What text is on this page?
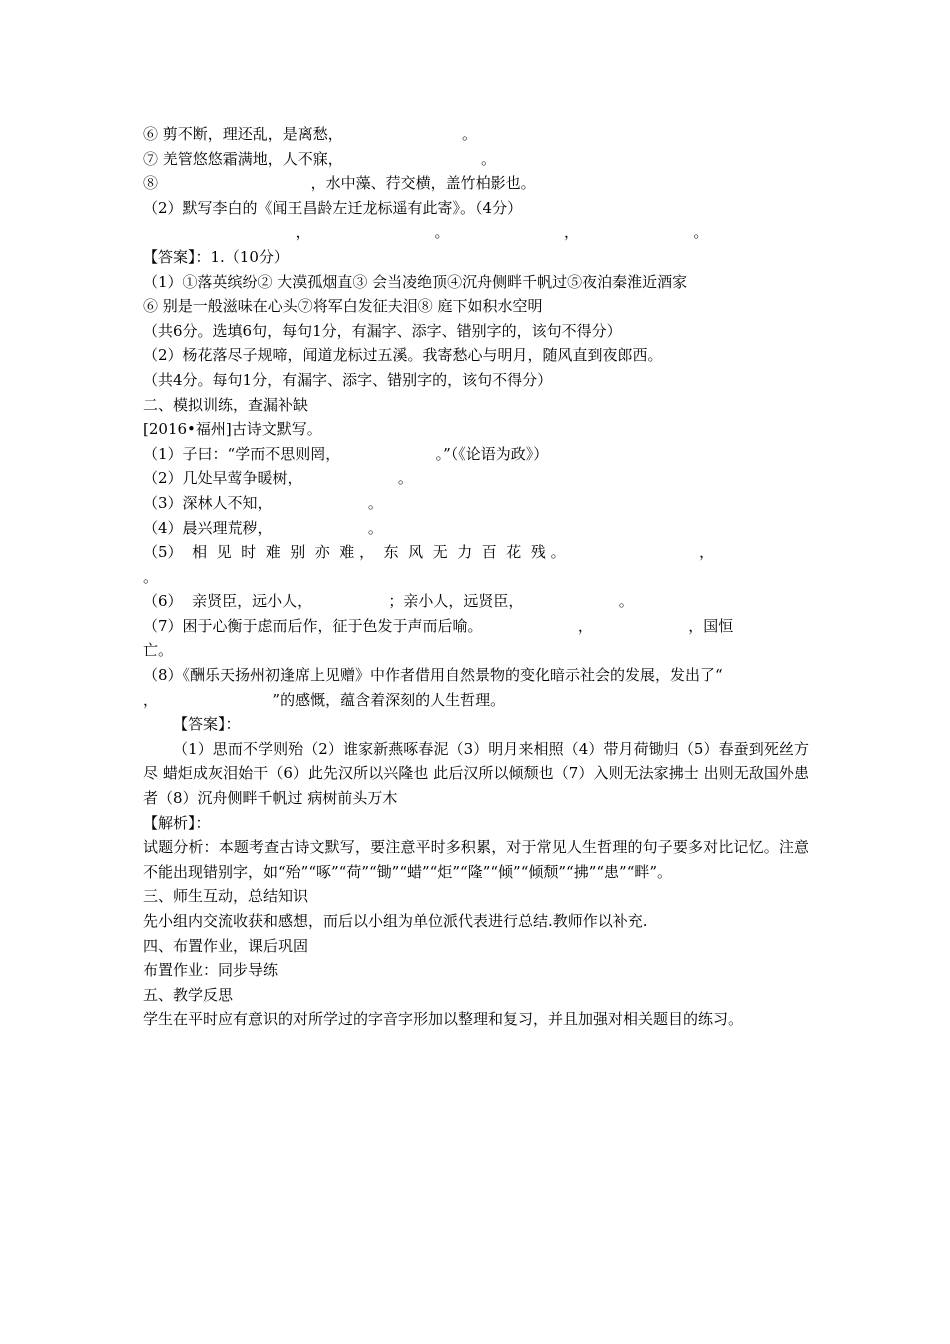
⑥ 剪不断，理还乱，是离愁，                         。
⑦ 羌管悠悠霜满地，人不寐，                             。
⑧                                ，水中藻、荇交横，盖竹柏影也。
（2）默写李白的《闻王昌龄左迁龙标遥有此寄》。（4分）
，                          。                        ，                        。
【答案】：1.（10分）
（1）①落英缤纷② 大漠孤烟直③ 会当凌绝顶④沉舟侧畔千帆过⑤夜泊秦淮近酒家
⑥ 别是一般滋味在心头⑦将军白发征夫泪⑧ 庭下如积水空明
（共6分。选填6句，每句1分，有漏字、添字、错别字的，该句不得分）
（2）杨花落尽子规啼，闻道龙标过五溪。我寄愁心与明月，随风直到夜郎西。
（共4分。每句1分，有漏字、添字、错别字的，该句不得分）
二、模拟训练，查漏补缺
[2016•福州]古诗文默写。
（1）子曰：“学而不思则罔，                    。”（《论语为政》）
（2）几处早莺争暖树，                    。
（3）深林人不知，                    。
（4）晨兴理荒秽，                    。
（5）  相  见  时  难  别  亦  难 ，  东  风  无  力  百  花  残 。                            ，
。
（6）  亲贤臣，远小人，                ；亲小人，远贤臣，                    。
（7）困于心衡于虑而后作，征于色发于声而后喻。                    ，                    ，国恒
亡。
（8）《酬乐天扬州初逢席上见赠》中作者借用自然景物的变化暗示社会的发展，发出了“
，                        ”的感慨，蕴含着深刻的人生哲理。
【答案】：
（1）思而不学则殆（2）谁家新燕啄春泥（3）明月来相照（4）带月荷锄归（5）春蚕到死丝方尽 蜡炬成灰泪始干（6）此先汉所以兴隆也 此后汉所以倾颓也（7）入则无法家拂士 出则无敌国外患者（8）沉舟侧畔千帆过 病树前头万木
【解析】：
试题分析：本题考查古诗文默写，要注意平时多积累，对于常见人生哲理的句子要多对比记忆。注意不能出现错别字，如“殆”“啄”“荷”“锄”“蜡”“炬”“隆”“倾”“倾颓”“拂”“患”“畔”。
三、师生互动，总结知识
先小组内交流收获和感想，而后以小组为单位派代表进行总结.教师作以补充.
四、布置作业，课后巩固
布置作业：同步导练
五、教学反思
学生在平时应有意识的对所学过的字音字形加以整理和复习，并且加强对相关题目的练习。
